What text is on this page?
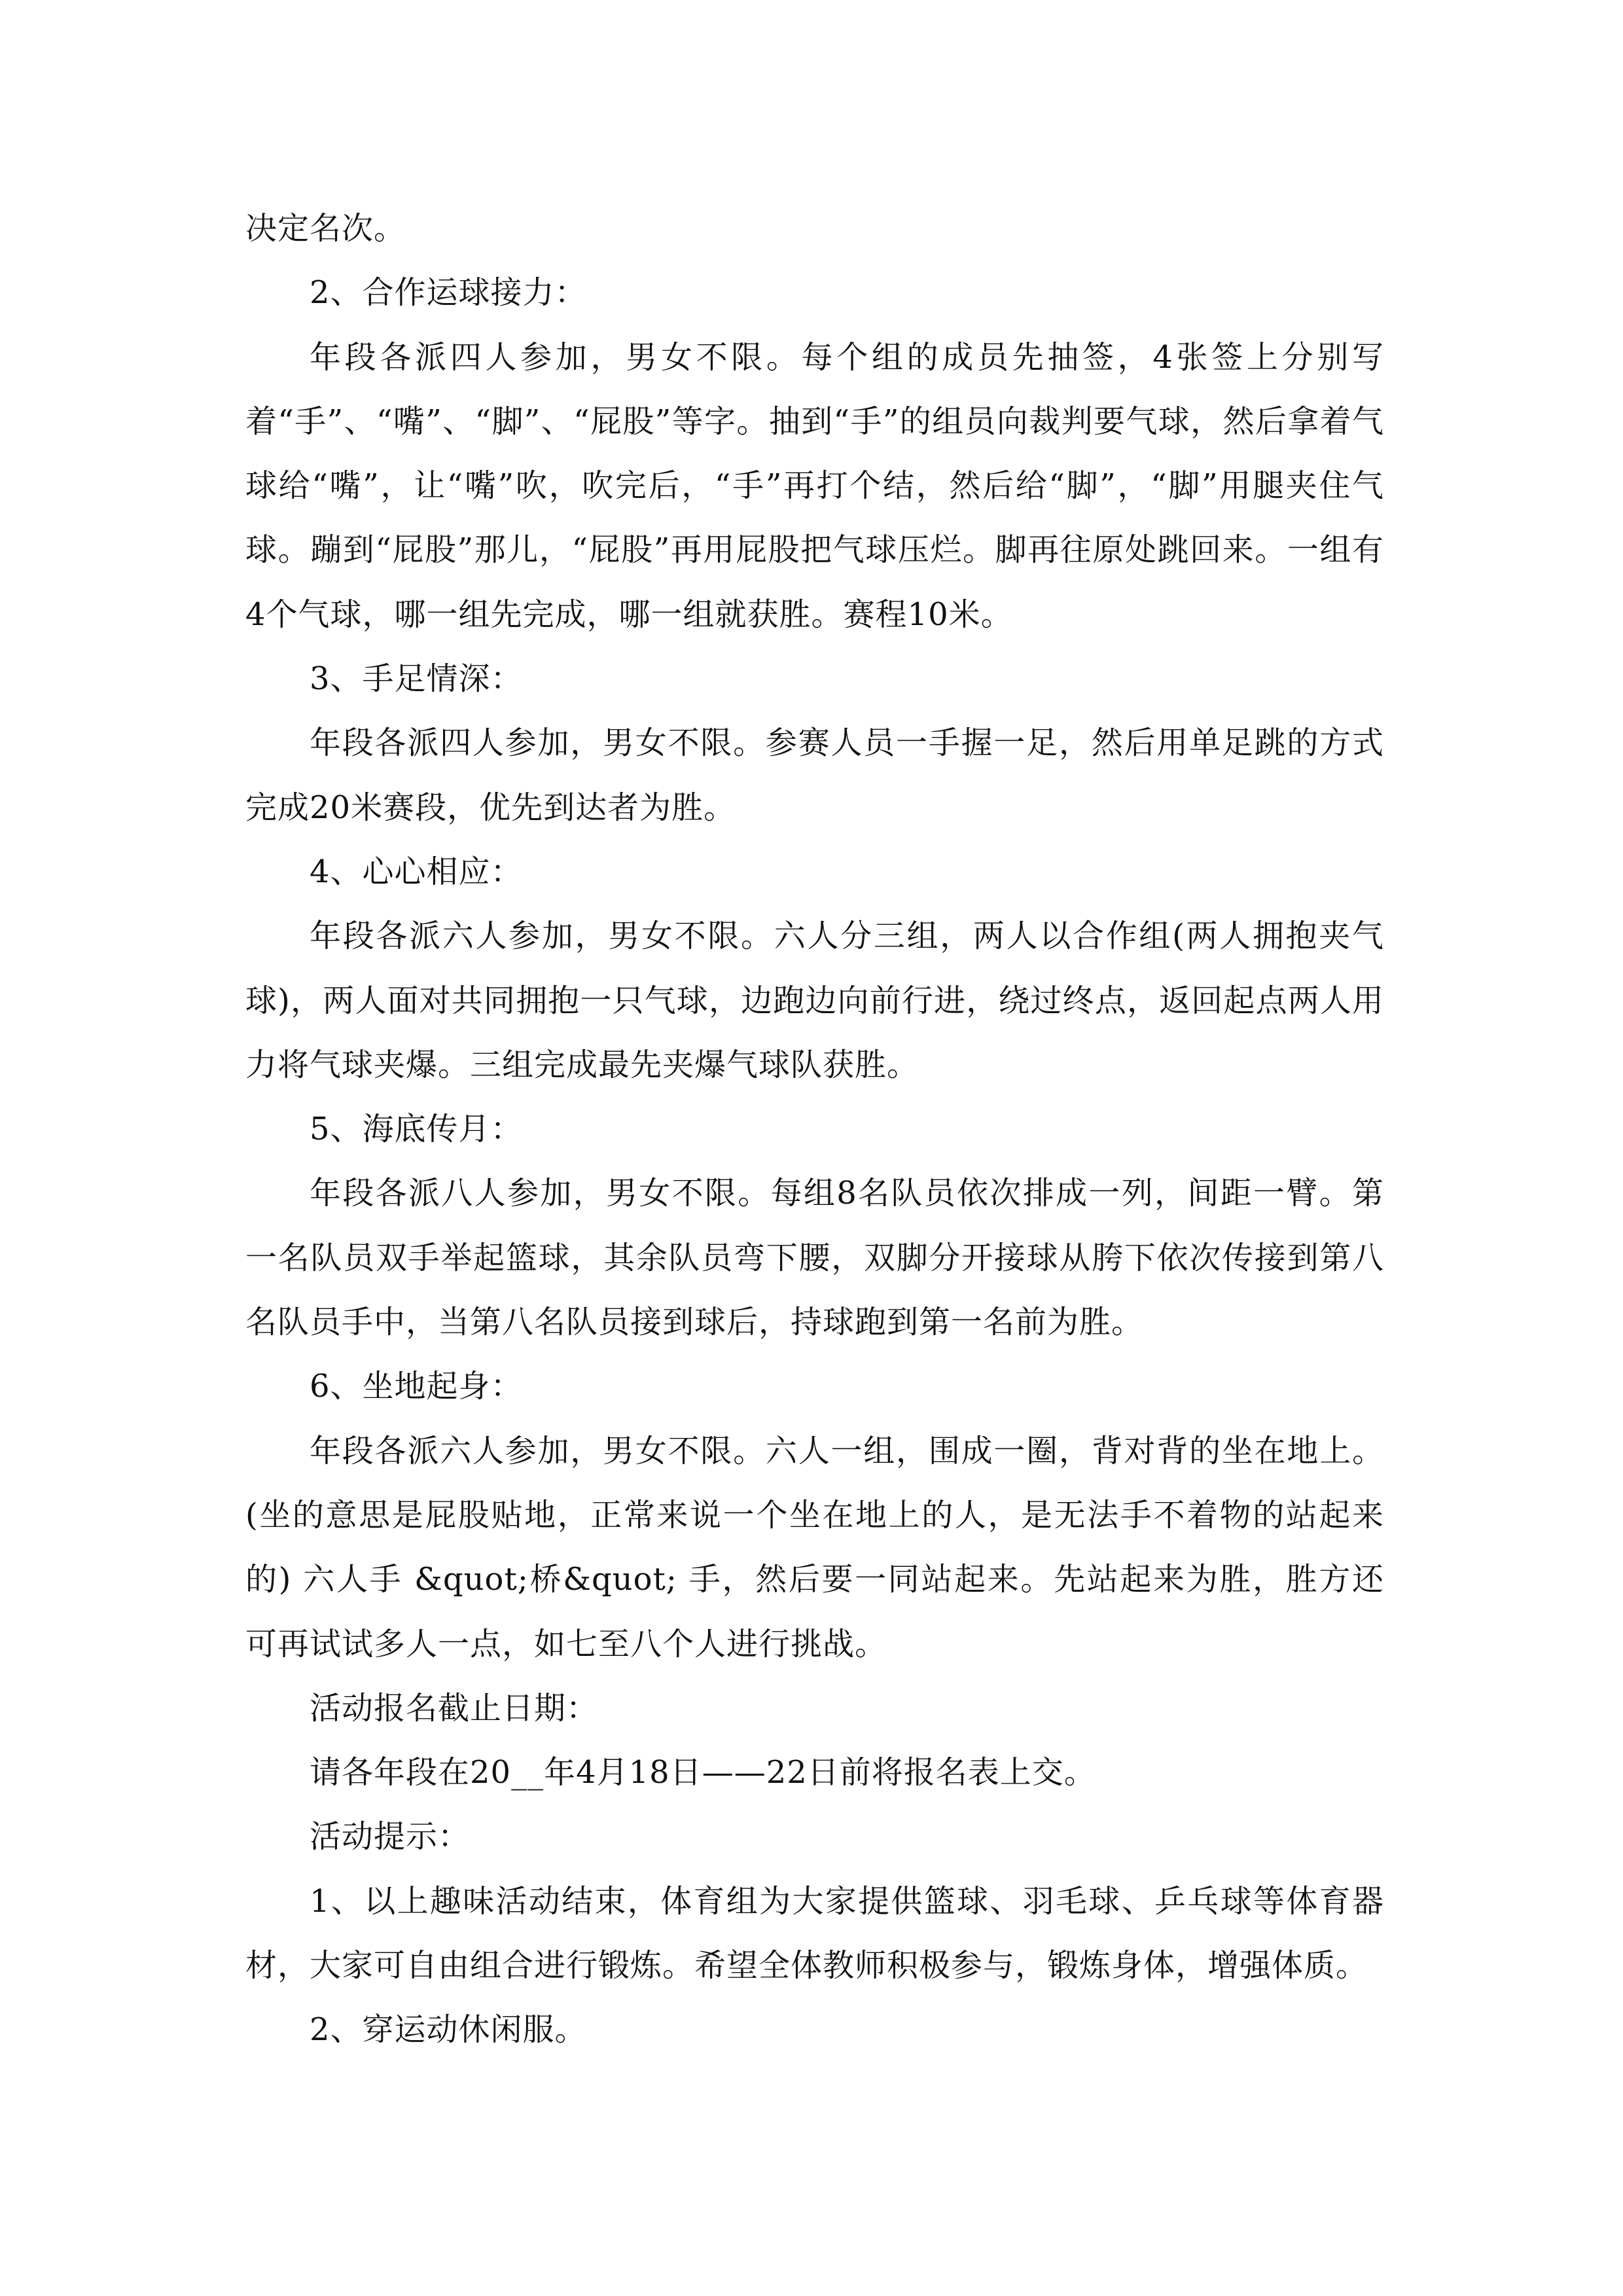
决定名次。

2、合作运球接力：

年段各派四人参加，男女不限。每个组的成员先抽签，4张签上分别写着“手”、“嘴”、“脚”、“屁股”等字。抽到“手”的组员向裁判要气球，然后拿着气球给“嘴”，让“嘴”吹，吹完后，“手”再打个结，然后给“脚”，“脚”用腿夹住气球。蹦到“屁股”那儿，“屁股”再用屁股把气球压烂。脚再往原处跳回来。一组有4个气球，哪一组先完成，哪一组就获胜。赛程10米。

3、手足情深：

年段各派四人参加，男女不限。参赛人员一手握一足，然后用单足跳的方式完成20米赛段，优先到达者为胜。

4、心心相应：

年段各派六人参加，男女不限。六人分三组，两人以合作组(两人拥抱夹气球)，两人面对共同拥抱一只气球，边跑边向前行进，绕过终点，返回起点两人用力将气球夹爆。三组完成最先夹爆气球队获胜。

5、海底传月：

年段各派八人参加，男女不限。每组8名队员依次排成一列，间距一臂。第一名队员双手举起篮球，其余队员弯下腰，双脚分开接球从胯下依次传接到第八名队员手中，当第八名队员接到球后，持球跑到第一名前为胜。

6、坐地起身：

年段各派六人参加，男女不限。六人一组，围成一圈，背对背的坐在地上。(坐的意思是屁股贴地，正常来说一个坐在地上的人，是无法手不着物的站起来的) 六人手 &quot;桥&quot; 手，然后要一同站起来。先站起来为胜，胜方还可再试试多人一点，如七至八个人进行挑战。

活动报名截止日期：

请各年段在20__年4月18日——22日前将报名表上交。

活动提示：

1、以上趣味活动结束，体育组为大家提供篮球、羽毛球、乒乓球等体育器材，大家可自由组合进行锻炼。希望全体教师积极参与，锻炼身体，增强体质。

2、穿运动休闲服。
